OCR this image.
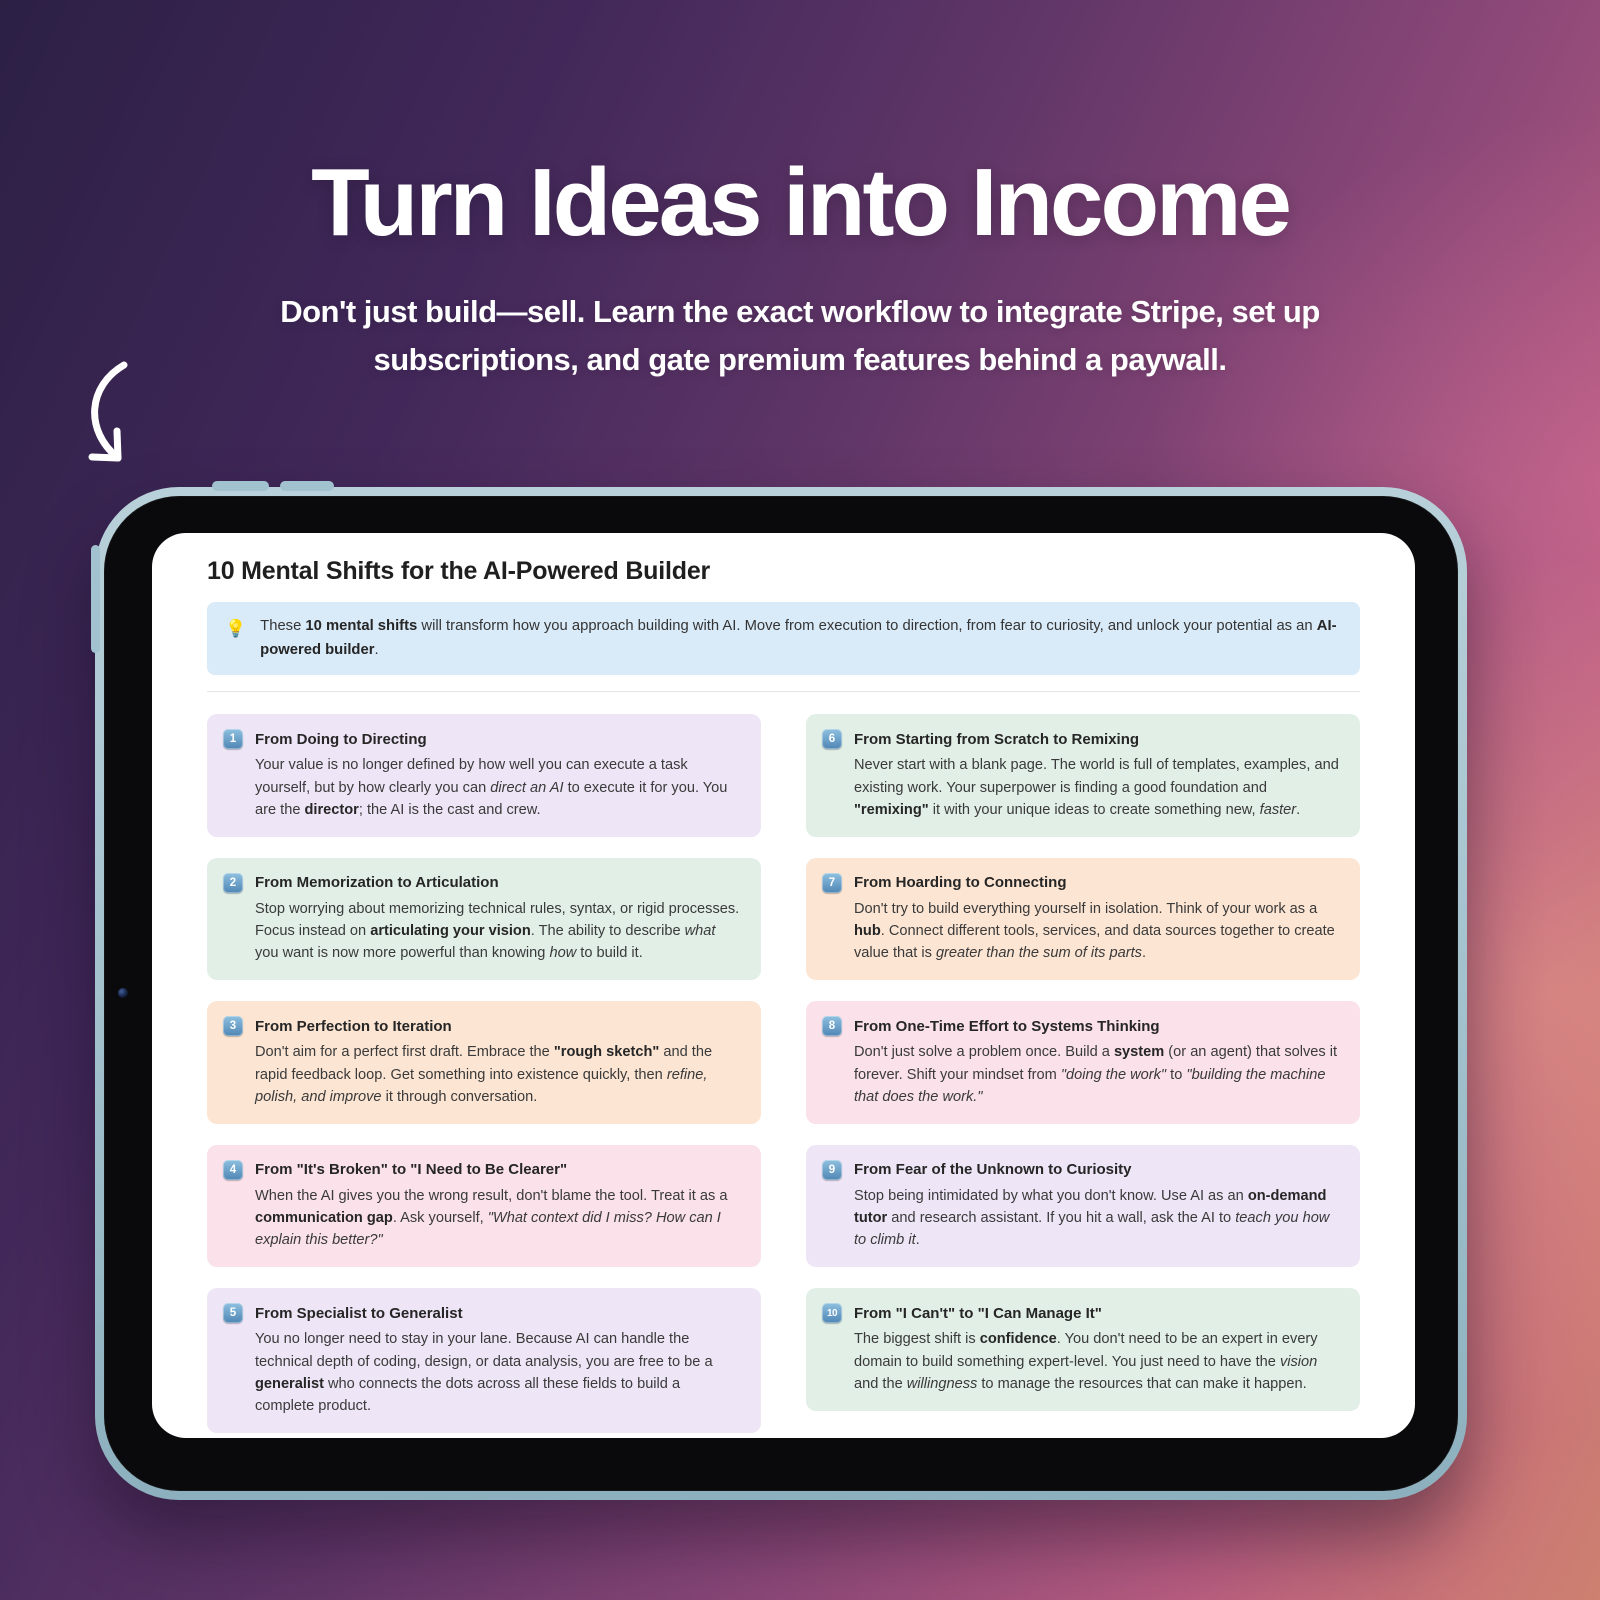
Turn Ideas into Income

Don't just build—sell. Learn the exact workflow to integrate Stripe, set up
subscriptions, and gate premium features behind a paywall.

10 Mental Shifts for the AI-Powered Builder
💡 These 10 mental shifts will transform how you approach building with AI. Move from execution to direction, from fear to curiosity, and unlock your potential as an AI-powered builder.

1	From Doing to Directing

Your value is no longer defined by how well you can execute a task yourself, but by how clearly you can direct an AI to execute it for you. You are the director; the AI is the cast and crew.

2	From Memorization to Articulation

Stop worrying about memorizing technical rules, syntax, or rigid processes. Focus instead on articulating your vision. The ability to describe what you want is now more powerful than knowing how to build it.

3	From Perfection to Iteration

Don't aim for a perfect first draft. Embrace the "rough sketch" and the rapid feedback loop. Get something into existence quickly, then refine, polish, and improve it through conversation.

4	From "It's Broken" to "I Need to Be Clearer"

When the AI gives you the wrong result, don't blame the tool. Treat it as a communication gap. Ask yourself, "What context did I miss? How can I explain this better?"

5	From Specialist to Generalist

You no longer need to stay in your lane. Because AI can handle the technical depth of coding, design, or data analysis, you are free to be a generalist who connects the dots across all these fields to build a complete product.

6	From Starting from Scratch to Remixing

Never start with a blank page. The world is full of templates, examples, and existing work. Your superpower is finding a good foundation and "remixing" it with your unique ideas to create something new, faster.

7	From Hoarding to Connecting

Don't try to build everything yourself in isolation. Think of your work as a hub. Connect different tools, services, and data sources together to create value that is greater than the sum of its parts.

8	From One-Time Effort to Systems Thinking

Don't just solve a problem once. Build a system (or an agent) that solves it forever. Shift your mindset from "doing the work" to "building the machine that does the work."

9	From Fear of the Unknown to Curiosity

Stop being intimidated by what you don't know. Use AI as an on-demand tutor and research assistant. If you hit a wall, ask the AI to teach you how to climb it.

10	From "I Can't" to "I Can Manage It"

The biggest shift is confidence. You don't need to be an expert in every domain to build something expert-level. You just need to have the vision and the willingness to manage the resources that can make it happen.
